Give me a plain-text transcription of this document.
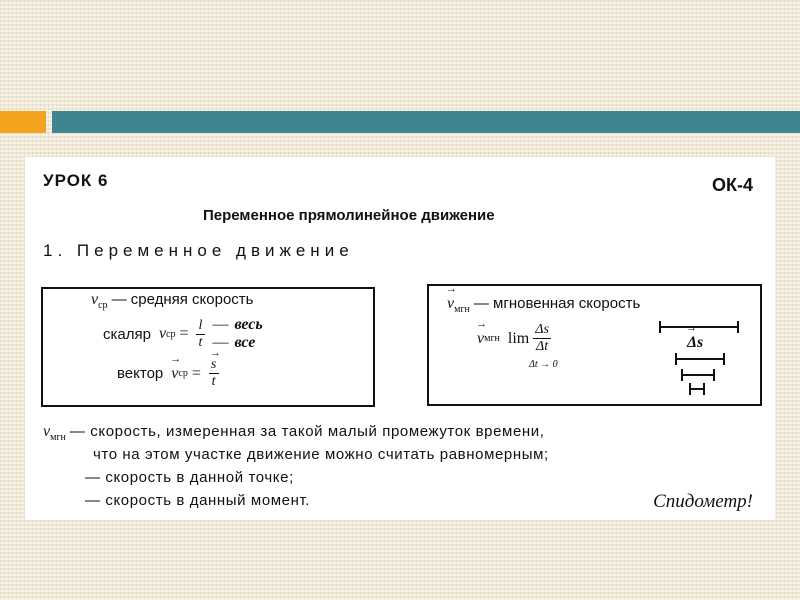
УРОК 6	ОК-4
Переменное прямолинейное движение
1. Переменное движение
$v_{ср}$ — средняя скорость
скаляр v ср = $\frac{l}{t}$ — весь
— все
вектор → v ср = → $\frac{s}{t}$
→ $v_{мгн}$ — мгновенная скорость
→ v мгн $\lim \frac{\Delta s}{\Delta t}$
Δt → 0
→ Δs
$v_{мгн}$ — скорость, измеренная за такой малый промежуток времени,
что на этом участке движение можно считать равномерным;
— скорость в данной точке;
— скорость в данный момент.	Спидометр!
